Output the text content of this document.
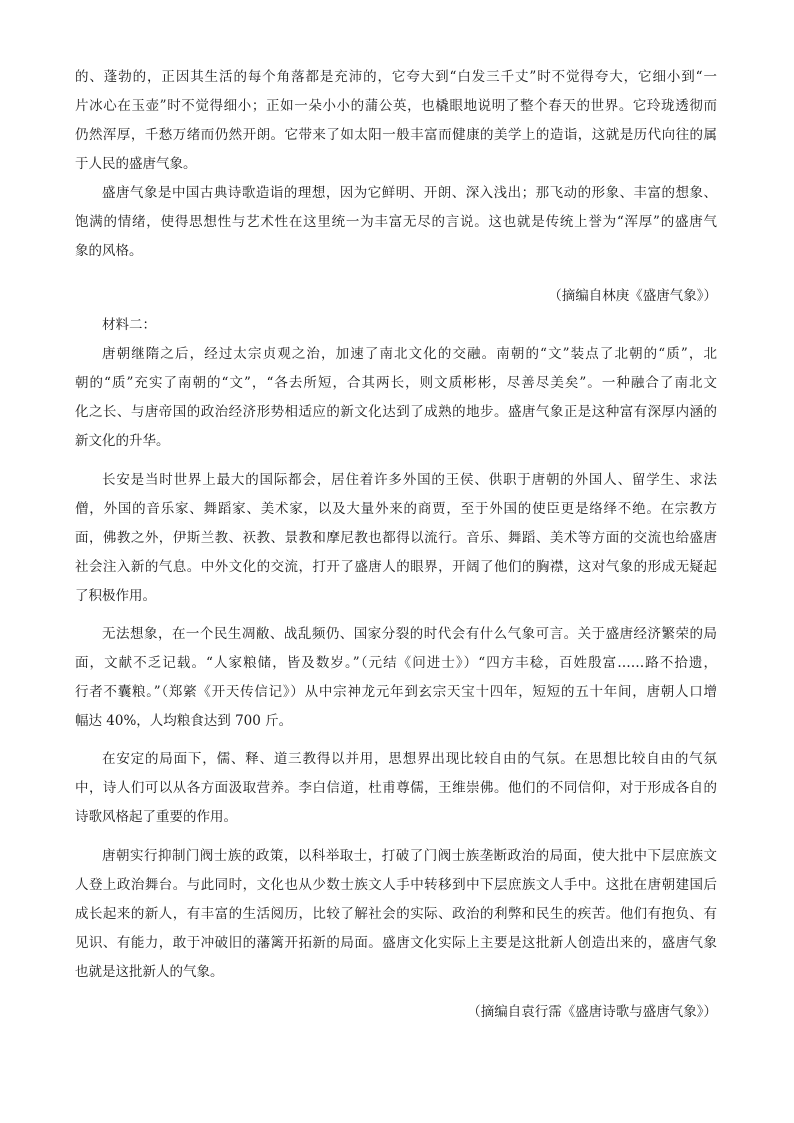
的、蓬勃的，正因其生活的每个角落都是充沛的，它夸大到“白发三千丈”时不觉得夸大，它细小到“一
片冰心在玉壶”时不觉得细小；正如一朵小小的蒲公英，也橇眼地说明了整个春天的世界。它玲珑透彻而
仍然浑厚，千愁万绪而仍然开朗。它带来了如太阳一般丰富而健康的美学上的造诣，这就是历代向往的属
于人民的盛唐气象。
盛唐气象是中国古典诗歌造诣的理想，因为它鲜明、开朗、深入浅出；那飞动的形象、丰富的想象、
饱满的情绪，使得思想性与艺术性在这里统一为丰富无尽的言说。这也就是传统上誉为“浑厚”的盛唐气
象的风格。
（摘编自林庚《盛唐气象》）
材料二：
唐朝继隋之后，经过太宗贞观之治，加速了南北文化的交融。南朝的“文”装点了北朝的“质”，北
朝的“质”充实了南朝的“文”，“各去所短，合其两长，则文质彬彬，尽善尽美矣”。一种融合了南北文
化之长、与唐帝国的政治经济形势相适应的新文化达到了成熟的地步。盛唐气象正是这种富有深厚内涵的
新文化的升华。
长安是当时世界上最大的国际都会，居住着许多外国的王侯、供职于唐朝的外国人、留学生、求法
僧，外国的音乐家、舞蹈家、美术家，以及大量外来的商贾，至于外国的使臣更是络绎不绝。在宗教方
面，佛教之外，伊斯兰教、祆教、景教和摩尼教也都得以流行。音乐、舞蹈、美术等方面的交流也给盛唐
社会注入新的气息。中外文化的交流，打开了盛唐人的眼界，开阔了他们的胸襟，这对气象的形成无疑起
了积极作用。
无法想象，在一个民生凋敝、战乱频仍、国家分裂的时代会有什么气象可言。关于盛唐经济繁荣的局
面，文献不乏记载。“人家粮储，皆及数岁。”（元结《问进士》）“四方丰稔，百姓殷富……路不拾遗，
行者不囊粮。”（郑綮《开天传信记》）从中宗神龙元年到玄宗天宝十四年，短短的五十年间，唐朝人口增
幅达 40%，人均粮食达到 700 斤。
在安定的局面下，儒、释、道三教得以并用，思想界出现比较自由的气氛。在思想比较自由的气氛
中，诗人们可以从各方面汲取营养。李白信道，杜甫尊儒，王维崇佛。他们的不同信仰，对于形成各自的
诗歌风格起了重要的作用。
唐朝实行抑制门阀士族的政策，以科举取士，打破了门阀士族垄断政治的局面，使大批中下层庶族文
人登上政治舞台。与此同时，文化也从少数士族文人手中转移到中下层庶族文人手中。这批在唐朝建国后
成长起来的新人，有丰富的生活阅历，比较了解社会的实际、政治的利弊和民生的疾苦。他们有抱负、有
见识、有能力，敢于冲破旧的藩篱开拓新的局面。盛唐文化实际上主要是这批新人创造出来的，盛唐气象
也就是这批新人的气象。
（摘编自袁行霈《盛唐诗歌与盛唐气象》）
